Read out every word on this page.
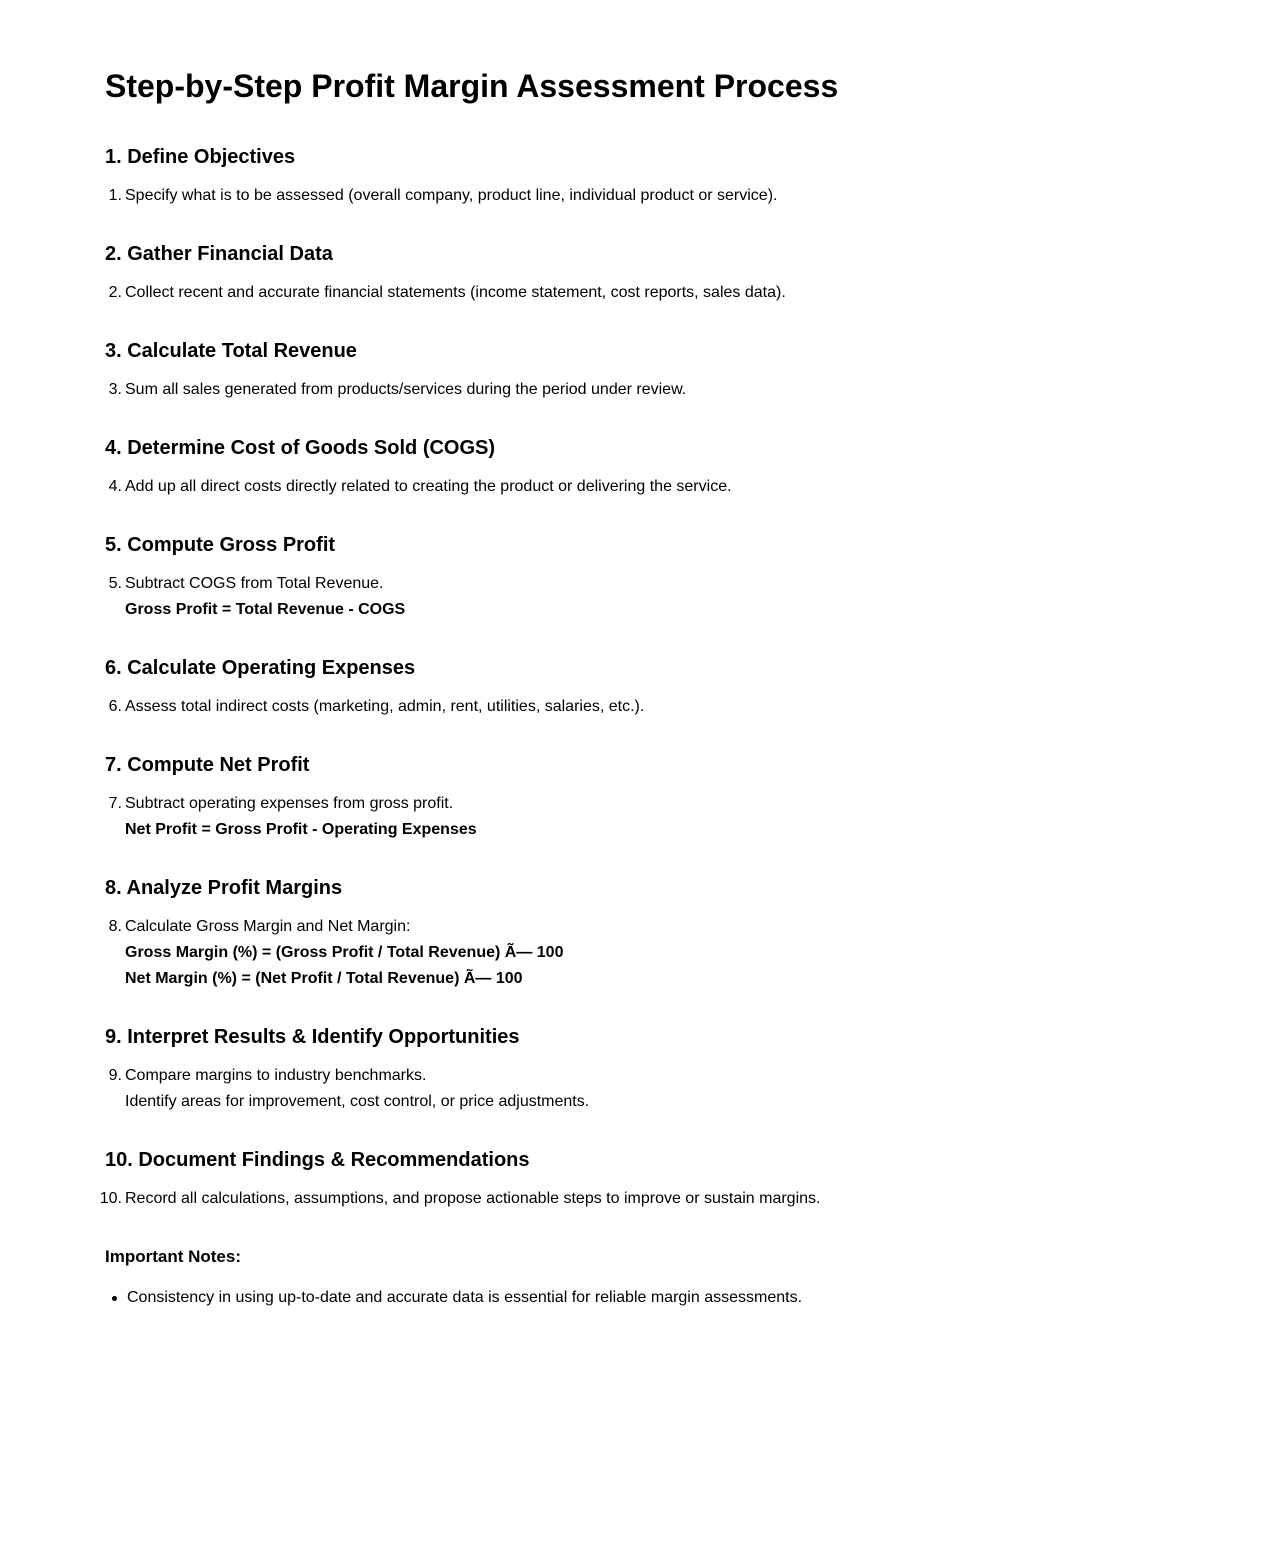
Step-by-Step Profit Margin Assessment Process
1. Define Objectives
1. Specify what is to be assessed (overall company, product line, individual product or service).
2. Gather Financial Data
2. Collect recent and accurate financial statements (income statement, cost reports, sales data).
3. Calculate Total Revenue
3. Sum all sales generated from products/services during the period under review.
4. Determine Cost of Goods Sold (COGS)
4. Add up all direct costs directly related to creating the product or delivering the service.
5. Compute Gross Profit
5. Subtract COGS from Total Revenue.
Gross Profit = Total Revenue - COGS
6. Calculate Operating Expenses
6. Assess total indirect costs (marketing, admin, rent, utilities, salaries, etc.).
7. Compute Net Profit
7. Subtract operating expenses from gross profit.
Net Profit = Gross Profit - Operating Expenses
8. Analyze Profit Margins
8. Calculate Gross Margin and Net Margin:
Gross Margin (%) = (Gross Profit / Total Revenue) Ã— 100
Net Margin (%) = (Net Profit / Total Revenue) Ã— 100
9. Interpret Results & Identify Opportunities
9. Compare margins to industry benchmarks.
Identify areas for improvement, cost control, or price adjustments.
10. Document Findings & Recommendations
10. Record all calculations, assumptions, and propose actionable steps to improve or sustain margins.
Important Notes:
Consistency in using up-to-date and accurate data is essential for reliable margin assessments.
